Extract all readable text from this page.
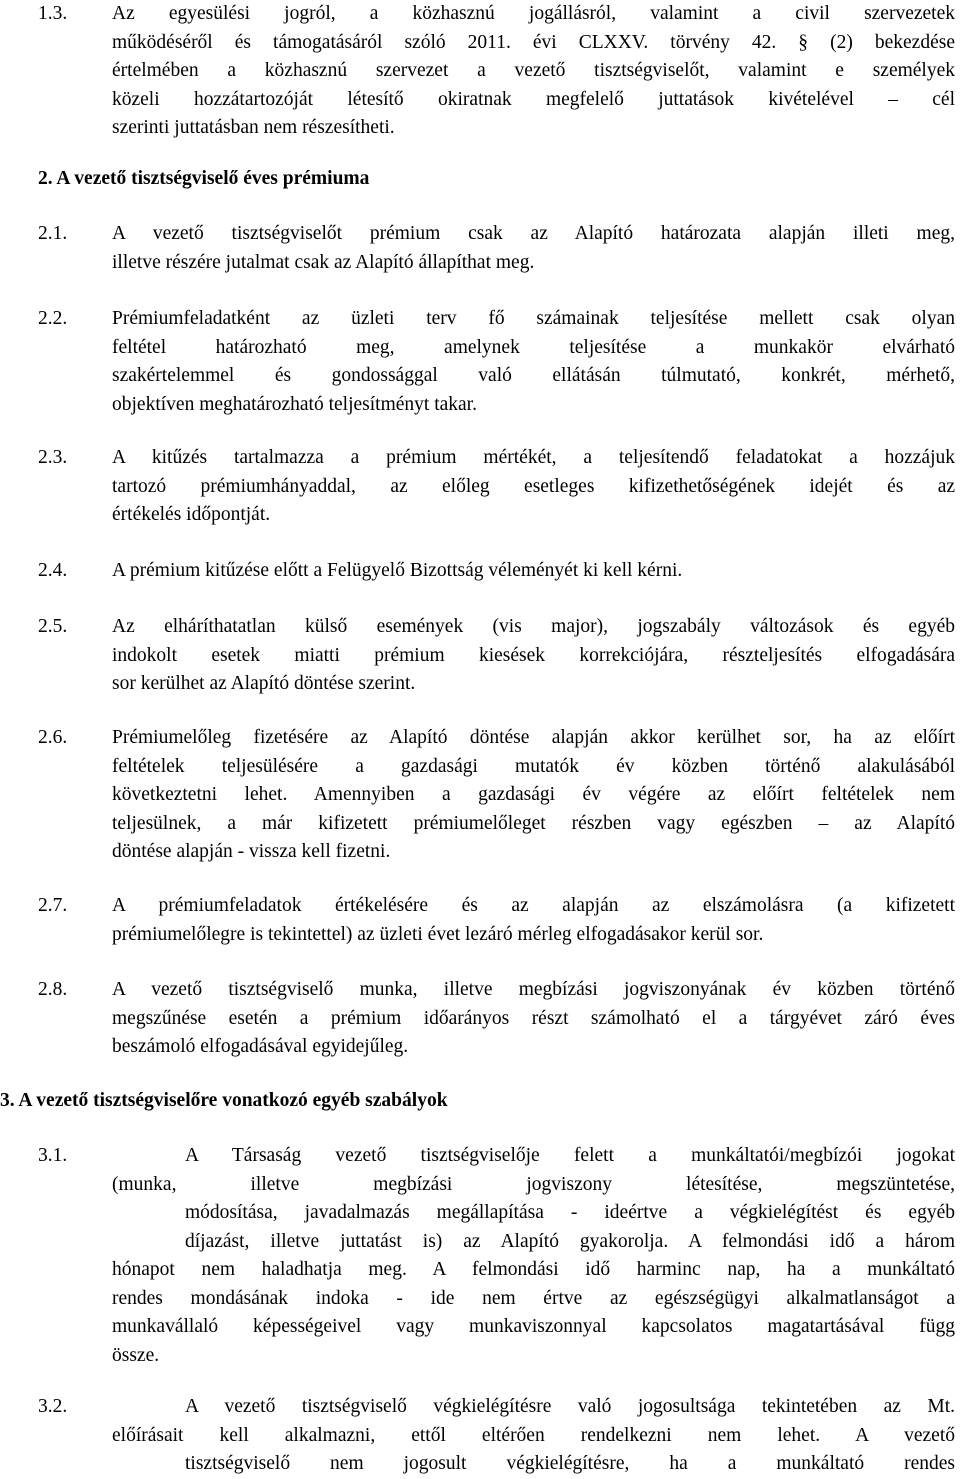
1.3. Az egyesülési jogról, a közhasznú jogállásról, valamint a civil szervezetek
működéséről és támogatásáról szóló 2011. évi CLXXV. törvény 42. § (2) bekezdése
értelmében a közhasznú szervezet a vezető tisztségviselőt, valamint e személyek
közeli hozzátartozóját létesítő okiratnak megfelelő juttatások kivételével – cél
szerinti juttatásban nem részesítheti.
2. A vezető tisztségviselő éves prémiuma
2.1. A vezető tisztségviselőt prémium csak az Alapító határozata alapján illeti meg,
illetve részére jutalmat csak az Alapító állapíthat meg.
2.2. Prémiumfeladatként az üzleti terv fő számainak teljesítése mellett csak olyan
feltétel határozható meg, amelynek teljesítése a munkakör elvárható
szakértelemmel és gondossággal való ellátásán túlmutató, konkrét, mérhető,
objektíven meghatározható teljesítményt takar.
2.3. A kitűzés tartalmazza a prémium mértékét, a teljesítendő feladatokat a hozzájuk
tartozó prémiumhányaddal, az előleg esetleges kifizethetőségének idejét és az
értékelés időpontját.
2.4. A prémium kitűzése előtt a Felügyelő Bizottság véleményét ki kell kérni.
2.5. Az elháríthatatlan külső események (vis major), jogszabály változások és egyéb
indokolt esetek miatti prémium kiesések korrekciójára, részteljesítés elfogadására
sor kerülhet az Alapító döntése szerint.
2.6. Prémiumelőleg fizetésére az Alapító döntése alapján akkor kerülhet sor, ha az előírt
feltételek teljesülésére a gazdasági mutatók év közben történő alakulásából
következtetni lehet. Amennyiben a gazdasági év végére az előírt feltételek nem
teljesülnek, a már kifizetett prémiumelőleget részben vagy egészben – az Alapító
döntése alapján - vissza kell fizetni.
2.7. A prémiumfeladatok értékelésére és az alapján az elszámolásra (a kifizetett
prémiumelőlegre is tekintettel) az üzleti évet lezáró mérleg elfogadásakor kerül sor.
2.8. A vezető tisztségviselő munka, illetve megbízási jogviszonyának év közben történő
megszűnése esetén a prémium időarányos részt számolható el a tárgyévet záró éves
beszámoló elfogadásával egyidejűleg.
3. A vezető tisztségviselőre vonatkozó egyéb szabályok
3.1.	A Társaság vezető tisztségviselője felett a munkáltatói/megbízói jogokat
(munka, illetve megbízási jogviszony létesítése, megszüntetése,
módosítása, javadalmazás megállapítása - ideértve a végkielégítést és egyéb
díjazást, illetve juttatást is) az Alapító gyakorolja. A felmondási idő a három
hónapot nem haladhatja meg. A felmondási idő harminc nap, ha a munkáltató
rendes mondásának indoka - ide nem értve az egészségügyi alkalmatlanságot a
munkavállaló képességeivel vagy munkaviszonnyal kapcsolatos magatartásával függ
össze.
3.2.	A vezető tisztségviselő végkielégítésre való jogosultsága tekintetében az Mt.
előírásait kell alkalmazni, ettől eltérően rendelkezni nem lehet. A vezető
tisztségviselő nem jogosult végkielégítésre, ha a munkáltató rendes
